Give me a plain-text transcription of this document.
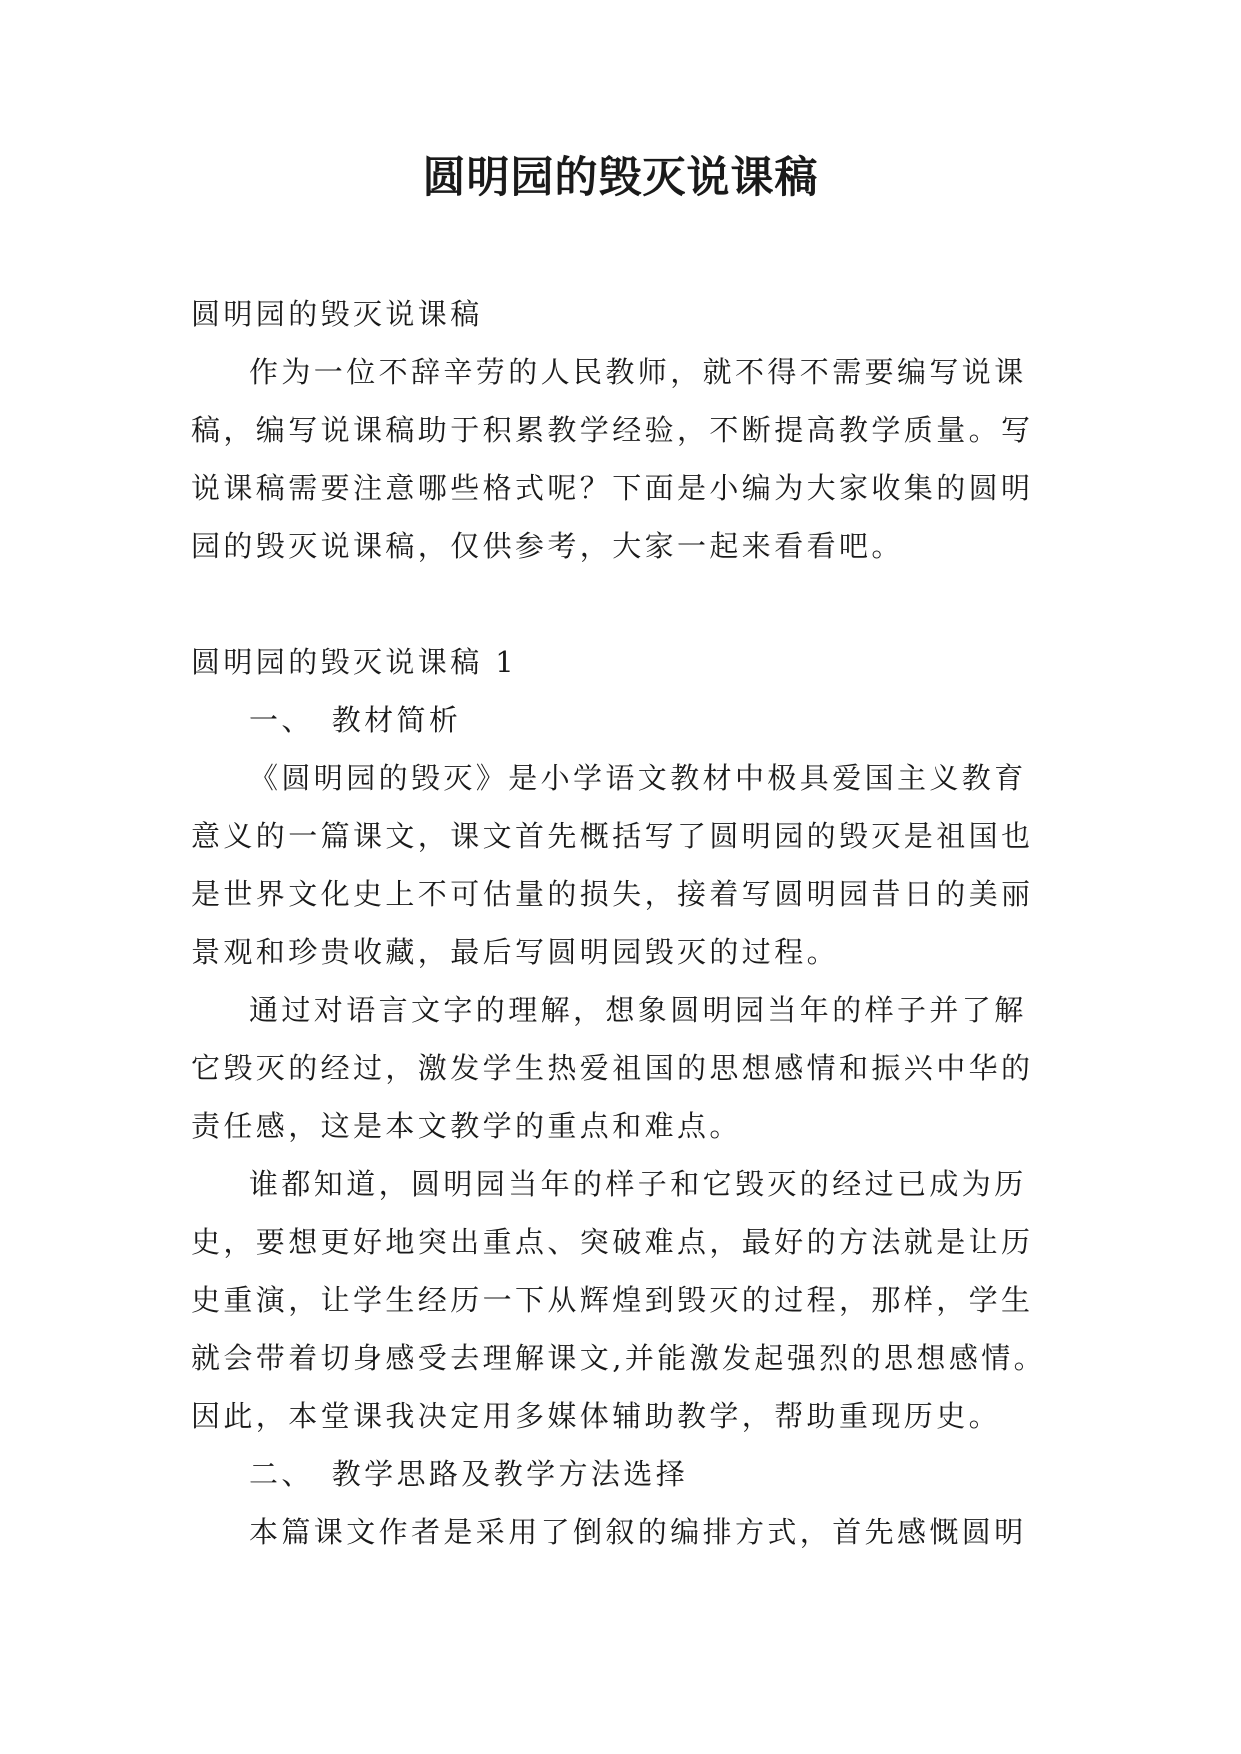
圆明园的毁灭说课稿

圆明园的毁灭说课稿

作为一位不辞辛劳的人民教师，就不得不需要编写说课稿，编写说课稿助于积累教学经验，不断提高教学质量。写说课稿需要注意哪些格式呢？下面是小编为大家收集的圆明园的毁灭说课稿，仅供参考，大家一起来看看吧。

圆明园的毁灭说课稿 1

一、　教材简析

《圆明园的毁灭》是小学语文教材中极具爱国主义教育意义的一篇课文，课文首先概括写了圆明园的毁灭是祖国也是世界文化史上不可估量的损失，接着写圆明园昔日的美丽景观和珍贵收藏，最后写圆明园毁灭的过程。

通过对语言文字的理解，想象圆明园当年的样子并了解它毁灭的经过，激发学生热爱祖国的思想感情和振兴中华的责任感，这是本文教学的重点和难点。

谁都知道，圆明园当年的样子和它毁灭的经过已成为历史，要想更好地突出重点、突破难点，最好的方法就是让历史重演，让学生经历一下从辉煌到毁灭的过程，那样，学生就会带着切身感受去理解课文,并能激发起强烈的思想感情。因此，本堂课我决定用多媒体辅助教学，帮助重现历史。

二、　教学思路及教学方法选择

本篇课文作者是采用了倒叙的编排方式，首先感慨圆明
